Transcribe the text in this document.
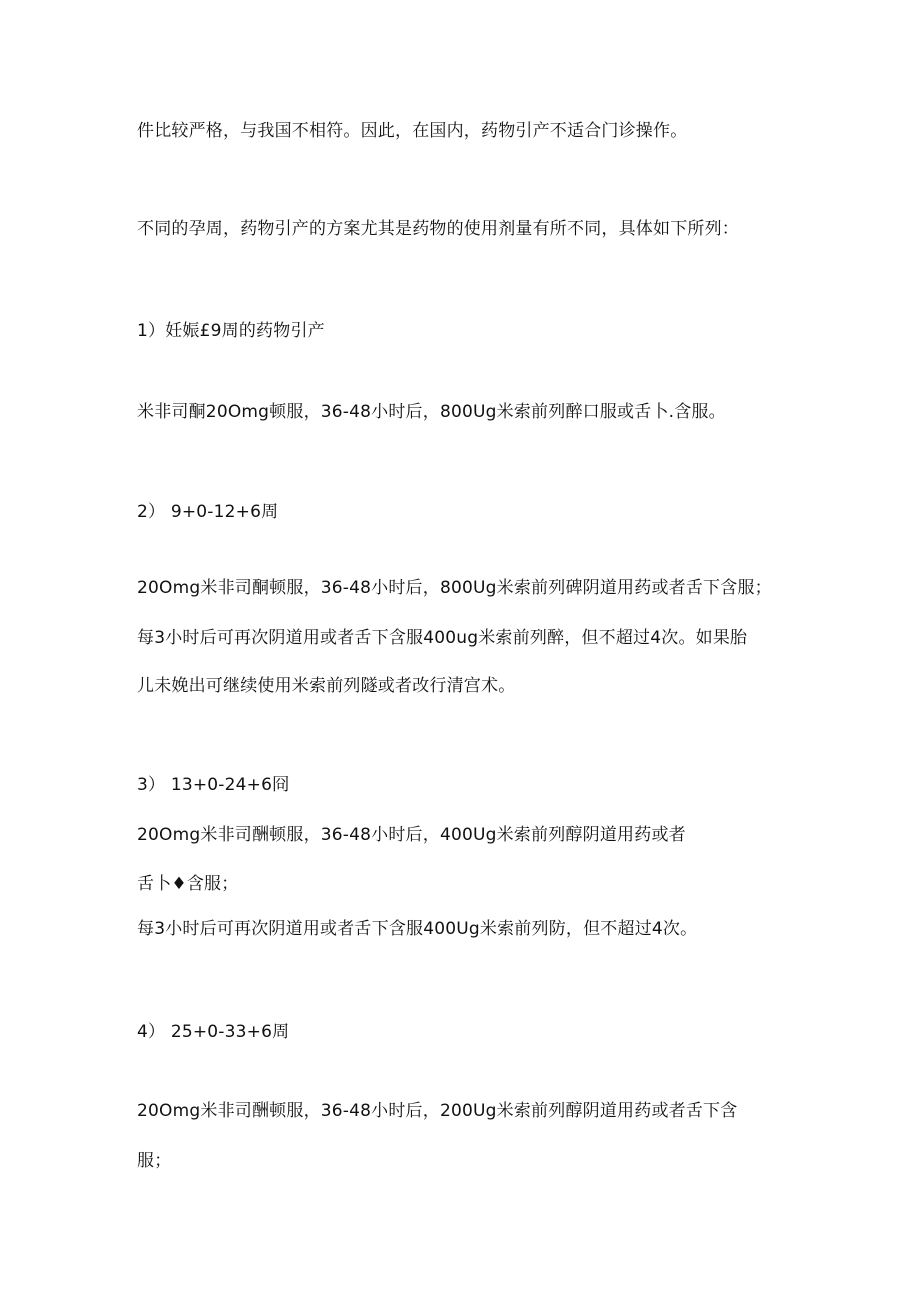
件比较严格，与我国不相符。因此，在国内，药物引产不适合门诊操作。
不同的孕周，药物引产的方案尤其是药物的使用剂量有所不同，具体如下所列：
1）妊娠£9周的药物引产
米非司酮20Omg顿服，36-48小时后，800Ug米索前列醉口服或舌卜.含服。
2） 9+0-12+6周
20Omg米非司酮顿服，36-48小时后，800Ug米索前列碑阴道用药或者舌下含服；
每3小时后可再次阴道用或者舌下含服400ug米索前列醉，但不超过4次。如果胎
儿未娩出可继续使用米索前列隧或者改行清宫术。
3） 13+0-24+6冏
20Omg米非司酬顿服，36-48小时后，400Ug米索前列醇阴道用药或者
舌卜♦含服；
每3小时后可再次阴道用或者舌下含服400Ug米索前列防，但不超过4次。
4） 25+0-33+6周
20Omg米非司酬顿服，36-48小时后，200Ug米索前列醇阴道用药或者舌下含
服；
